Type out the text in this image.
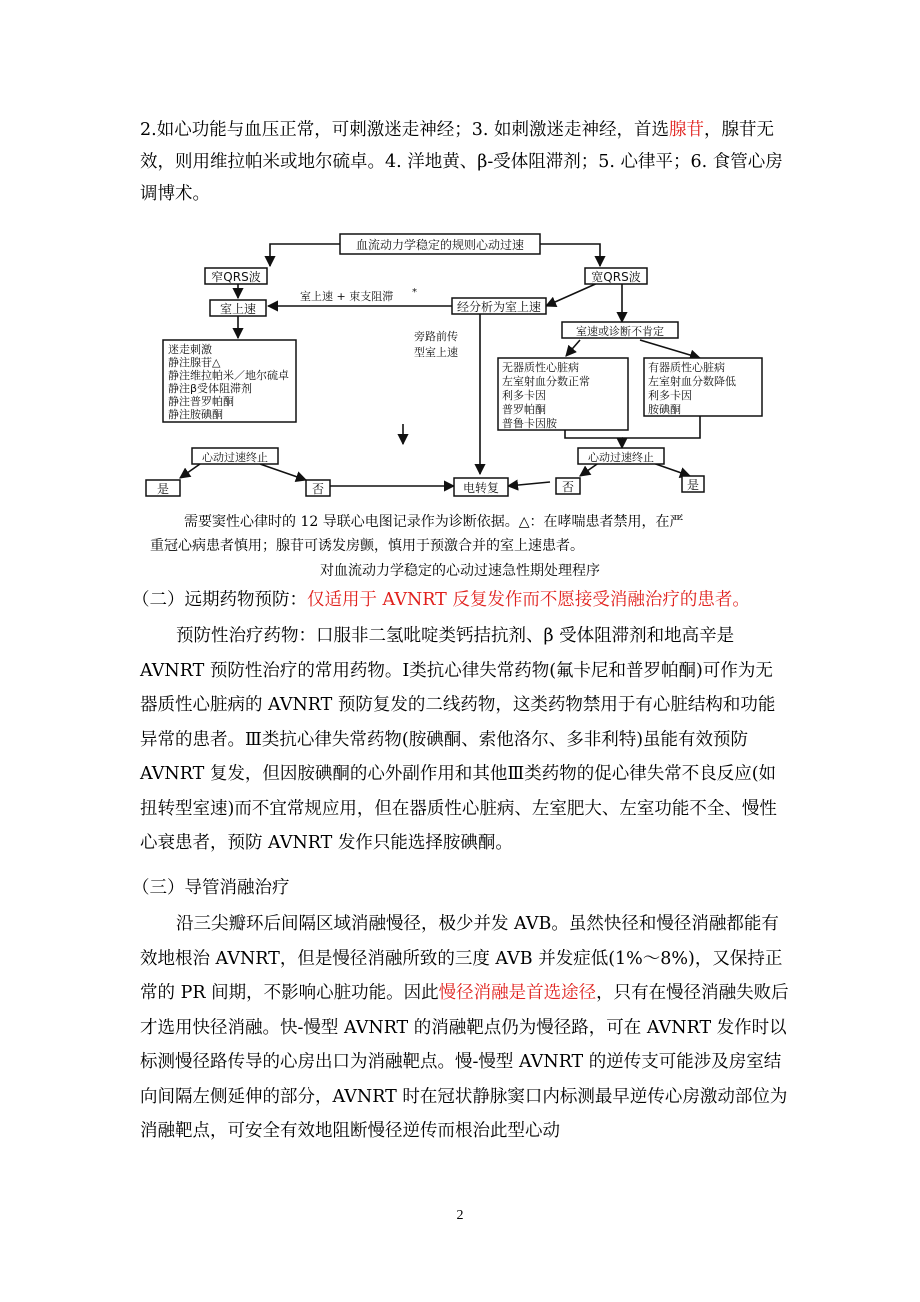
2.如心功能与血压正常，可刺激迷走神经；3. 如刺激迷走神经，首选腺苷，腺苷无效，则用维拉帕米或地尔硫卓。4. 洋地黄、β-受体阻滞剂；5. 心律平；6. 食管心房调博术。

血流动力学稳定的规则心动过速
窄QRS波	宽QRS波
室上速
室上速 + 束支阻滞 *
经分析为室上速
旁路前传
型室上速
室速或诊断不肯定
迷走刺激
静注腺苷△
静注维拉帕米／地尔硫卓
静注β受体阻滞剂
静注普罗帕酮
静注胺碘酮
无器质性心脏病
左室射血分数正常
利多卡因
普罗帕酮
普鲁卡因胺
有器质性心脏病
左室射血分数降低
利多卡因
胺碘酮
心动过速终止	心动过速终止
是	否	电转复	否	是

需要窦性心律时的 12 导联心电图记录作为诊断依据。△：在哮喘患者禁用，在严

重冠心病患者慎用；腺苷可诱发房颤，慎用于预激合并的室上速患者。

对血流动力学稳定的心动过速急性期处理程序

（二）远期药物预防：仅适用于 AVNRT 反复发作而不愿接受消融治疗的患者。

预防性治疗药物：口服非二氢吡啶类钙拮抗剂、β 受体阻滞剂和地高辛是 AVNRT 预防性治疗的常用药物。Ⅰ类抗心律失常药物(氟卡尼和普罗帕酮)可作为无器质性心脏病的 AVNRT 预防复发的二线药物，这类药物禁用于有心脏结构和功能异常的患者。Ⅲ类抗心律失常药物(胺碘酮、索他洛尔、多非利特)虽能有效预防 AVNRT 复发，但因胺碘酮的心外副作用和其他Ⅲ类药物的促心律失常不良反应(如扭转型室速)而不宜常规应用，但在器质性心脏病、左室肥大、左室功能不全、慢性心衰患者，预防 AVNRT 发作只能选择胺碘酮。

（三）导管消融治疗

沿三尖瓣环后间隔区域消融慢径，极少并发 AVB。虽然快径和慢径消融都能有效地根治 AVNRT，但是慢径消融所致的三度 AVB 并发症低(1%～8%)，又保持正常的 PR 间期，不影响心脏功能。因此慢径消融是首选途径，只有在慢径消融失败后才选用快径消融。快-慢型 AVNRT 的消融靶点仍为慢径路，可在 AVNRT 发作时以标测慢径路传导的心房出口为消融靶点。慢-慢型 AVNRT 的逆传支可能涉及房室结向间隔左侧延伸的部分，AVNRT 时在冠状静脉窦口内标测最早逆传心房激动部位为消融靶点，可安全有效地阻断慢径逆传而根治此型心动

2
